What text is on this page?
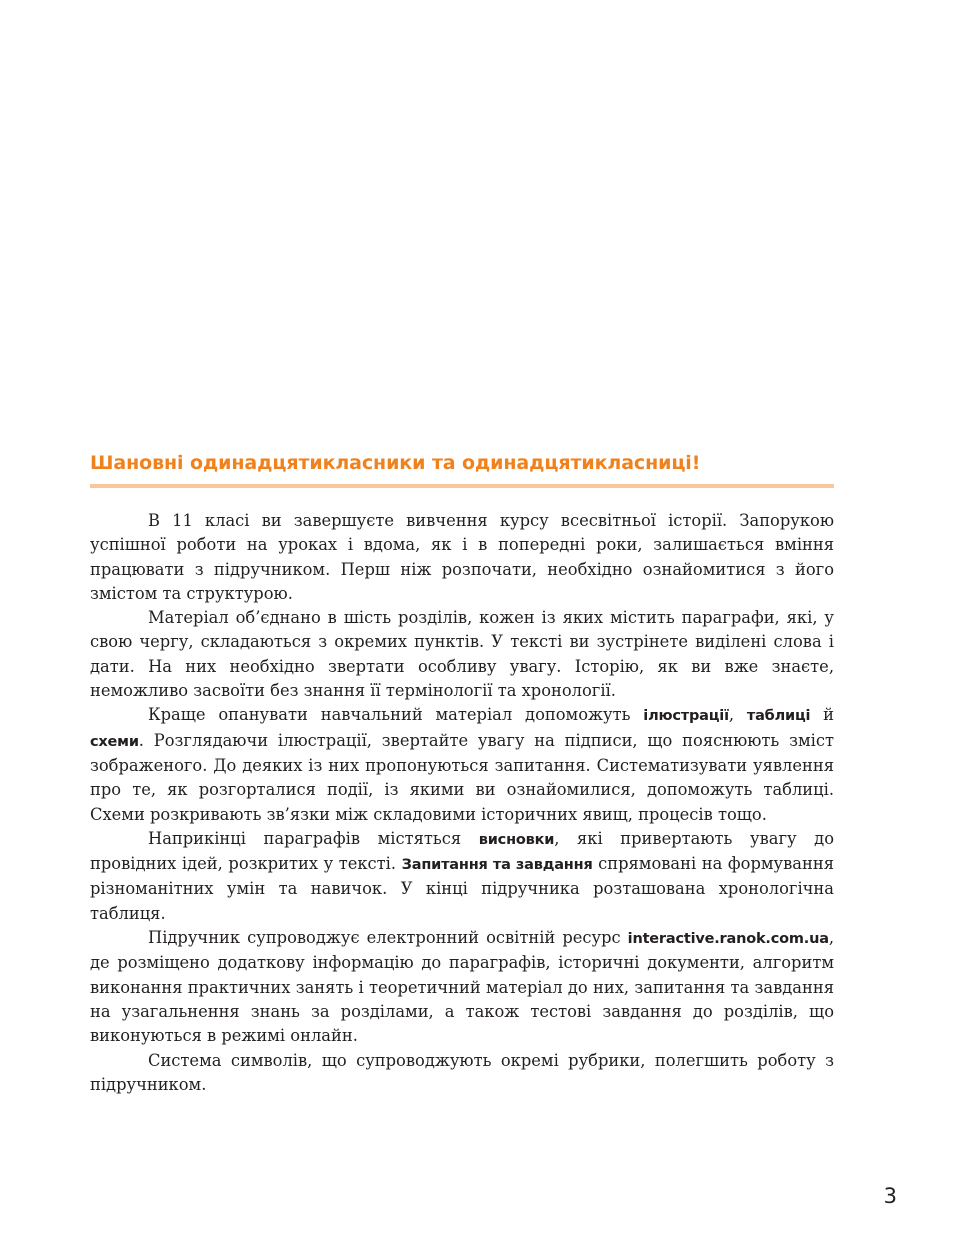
Шановні одинадцятикласники та одинадцятикласниці!

В 11 класі ви завершуєте вивчення курсу всесвітньої історії. Запорукою успішної роботи на уроках і вдома, як і в попередні роки, залишається вміння працювати з підручником. Перш ніж розпочати, необхідно ознайомитися з його змістом та структурою.

Матеріал об’єднано в шість розділів, кожен із яких містить параграфи, які, у свою чергу, складаються з окремих пунктів. У тексті ви зустрінете виділені слова і дати. На них необхідно звертати особливу увагу. Історію, як ви вже знаєте, неможливо засвоїти без знання її термінології та хронології.

Краще опанувати навчальний матеріал допоможуть ілюстрації, таблиці й схеми. Розглядаючи ілюстрації, звертайте увагу на підписи, що пояснюють зміст зображеного. До деяких із них пропонуються запитання. Систематизувати уявлення про те, як розгорталися події, із якими ви ознайомилися, допоможуть таблиці. Схеми розкривають зв’язки між складовими історичних явищ, процесів тощо.

Наприкінці параграфів містяться висновки, які привертають увагу до провідних ідей, розкритих у тексті. Запитання та завдання спрямовані на формування різноманітних умін та навичок. У кінці підручника розташована хронологічна таблиця.

Підручник супроводжує електронний освітній ресурс interactive.ranok.com.ua, де розміщено додаткову інформацію до параграфів, історичні документи, алгоритм виконання практичних занять і теоретичний матеріал до них, запитання та завдання на узагальнення знань за розділами, а також тестові завдання до розділів, що виконуються в режимі онлайн.

Система символів, що супроводжують окремі рубрики, полегшить роботу з підручником.

3
